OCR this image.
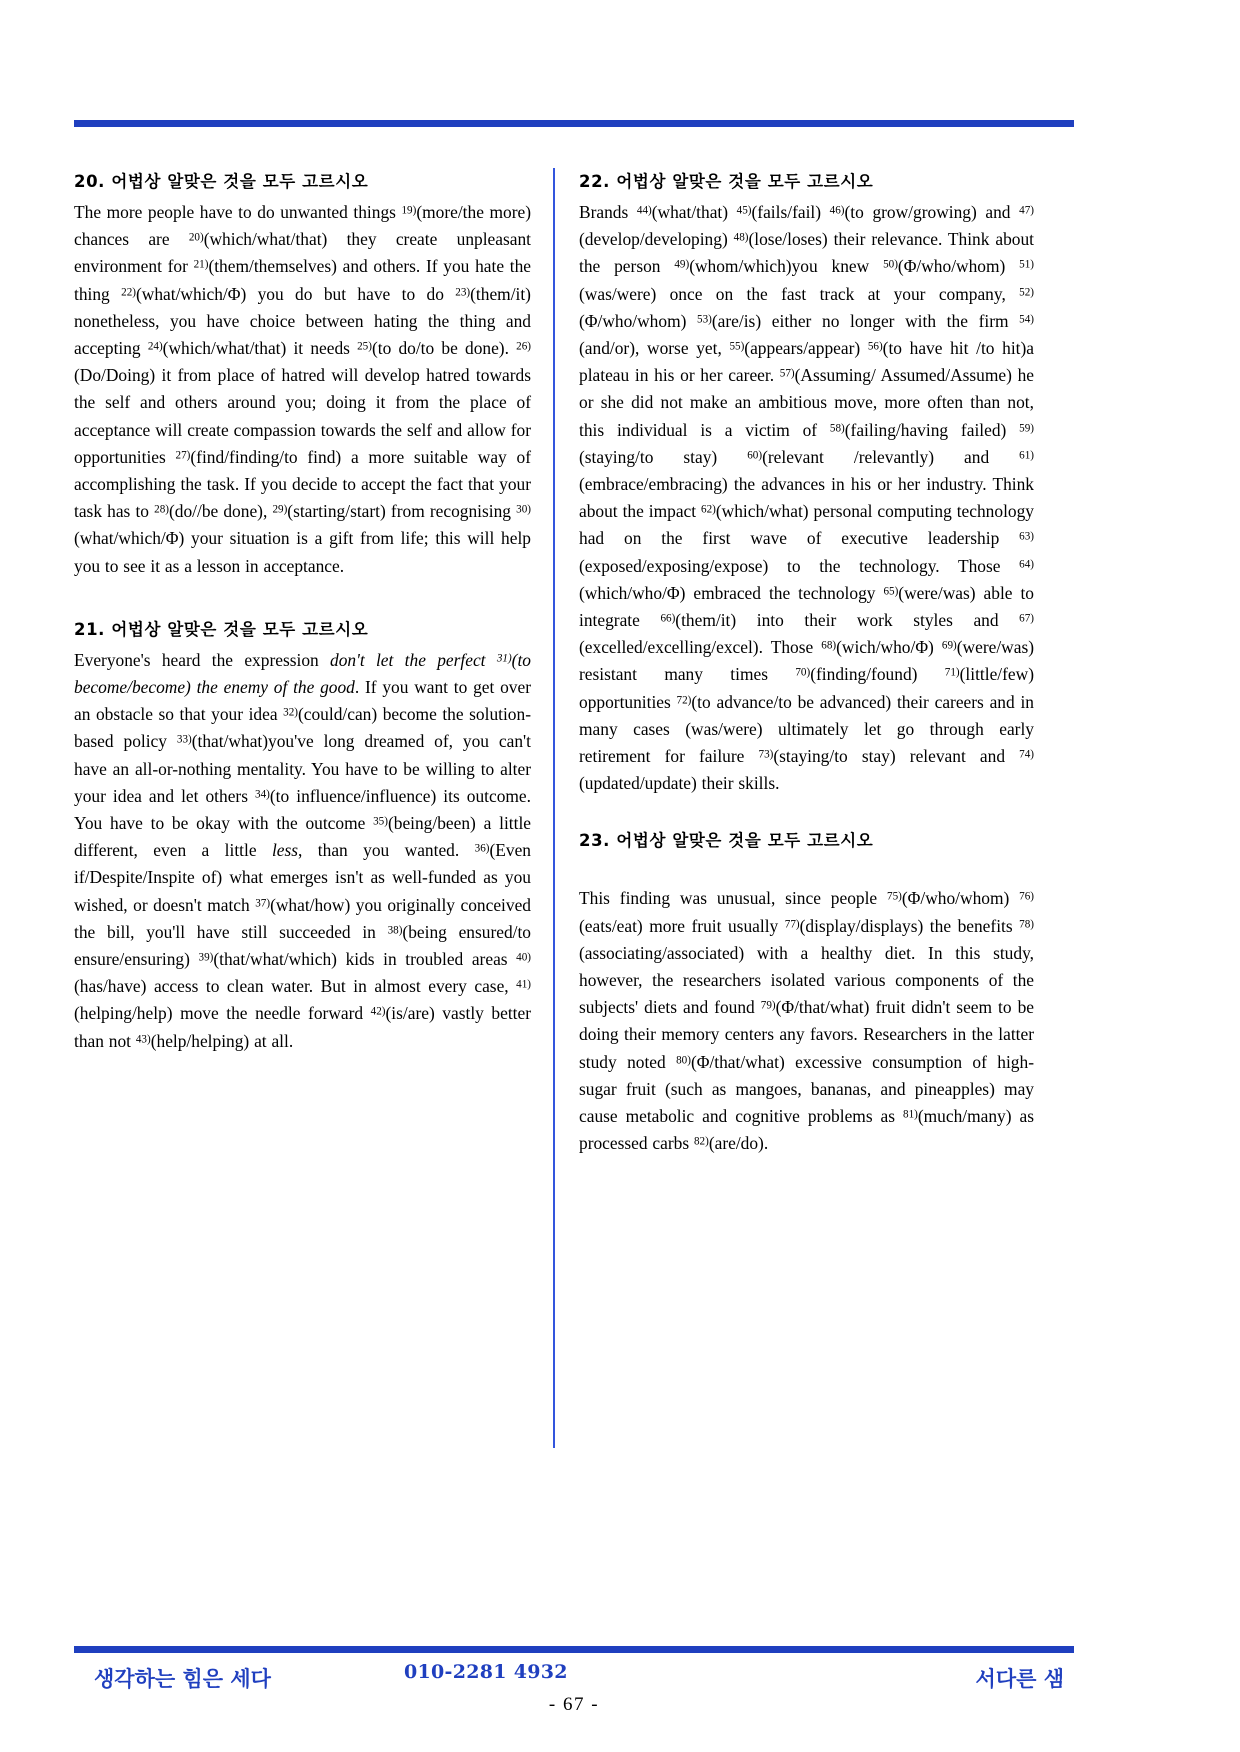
20. 어법상 알맞은 것을 모두 고르시오

The more people have to do unwanted things $^{19)}$(more/the more) chances are $^{20)}$(which/what/that) they create unpleasant environment for $^{21)}$(them/themselves) and others. If you hate the thing $^{22)}$(what/which/Φ) you do but have to do $^{23)}$(them/it) nonetheless, you have choice between hating the thing and accepting $^{24)}$(which/what/that) it needs $^{25)}$(to do/to be done). $^{26)}$(Do/Doing) it from place of hatred will develop hatred towards the self and others around you; doing it from the place of acceptance will create compassion towards the self and allow for opportunities $^{27)}$(find/finding/to find) a more suitable way of accomplishing the task. If you decide to accept the fact that your task has to $^{28)}$(do//be done), $^{29)}$(starting/start) from recognising $^{30)}$(what/which/Φ) your situation is a gift from life; this will help you to see it as a lesson in acceptance.

21. 어법상 알맞은 것을 모두 고르시오

Everyone's heard the expression don't let the perfect $^{31)}$(to become/become) the enemy of the good. If you want to get over an obstacle so that your idea $^{32)}$(could/can) become the solution-based policy $^{33)}$(that/what)you've long dreamed of, you can't have an all-or-nothing mentality. You have to be willing to alter your idea and let others $^{34)}$(to influence/influence) its outcome. You have to be okay with the outcome $^{35)}$(being/been) a little different, even a little less, than you wanted. $^{36)}$(Even if/Despite/Inspite of) what emerges isn't as well-funded as you wished, or doesn't match $^{37)}$(what/how) you originally conceived the bill, you'll have still succeeded in $^{38)}$(being ensured/to ensure/ensuring) $^{39)}$(that/what/which) kids in troubled areas $^{40)}$(has/have) access to clean water. But in almost every case, $^{41)}$(helping/help) move the needle forward $^{42)}$(is/are) vastly better than not $^{43)}$(help/helping) at all.

22. 어법상 알맞은 것을 모두 고르시오

Brands $^{44)}$(what/that) $^{45)}$(fails/fail) $^{46)}$(to grow/growing) and $^{47)}$(develop/developing) $^{48)}$(lose/loses) their relevance. Think about the person $^{49)}$(whom/which)you knew $^{50)}$(Φ/who/whom) $^{51)}$(was/were) once on the fast track at your company, $^{52)}$(Φ/who/whom) $^{53)}$(are/is) either no longer with the firm $^{54)}$(and/or), worse yet, $^{55)}$(appears/appear) $^{56)}$(to have hit /to hit)a plateau in his or her career. $^{57)}$(Assuming/ Assumed/Assume) he or she did not make an ambitious move, more often than not, this individual is a victim of $^{58)}$(failing/having failed) $^{59)}$(staying/to stay) $^{60)}$(relevant /relevantly) and $^{61)}$(embrace/embracing) the advances in his or her industry. Think about the impact $^{62)}$(which/what) personal computing technology had on the first wave of executive leadership $^{63)}$(exposed/exposing/expose) to the technology. Those $^{64)}$(which/who/Φ) embraced the technology $^{65)}$(were/was) able to integrate $^{66)}$(them/it) into their work styles and $^{67)}$(excelled/excelling/excel). Those $^{68)}$(wich/who/Φ) $^{69)}$(were/was) resistant many times $^{70)}$(finding/found) $^{71)}$(little/few) opportunities $^{72)}$(to advance/to be advanced) their careers and in many cases (was/were) ultimately let go through early retirement for failure $^{73)}$(staying/to stay) relevant and $^{74)}$(updated/update) their skills.

23. 어법상 알맞은 것을 모두 고르시오

This finding was unusual, since people $^{75)}$(Φ/who/whom) $^{76)}$(eats/eat) more fruit usually $^{77)}$(display/displays) the benefits $^{78)}$(associating/associated) with a healthy diet. In this study, however, the researchers isolated various components of the subjects' diets and found $^{79)}$(Φ/that/what) fruit didn't seem to be doing their memory centers any favors. Researchers in the latter study noted $^{80)}$(Φ/that/what) excessive consumption of high-sugar fruit (such as mangoes, bananas, and pineapples) may cause metabolic and cognitive problems as $^{81)}$(much/many) as processed carbs $^{82)}$(are/do).

생각하는 힘은 세다	010-2281 4932	서다른 샘
- 67 -
